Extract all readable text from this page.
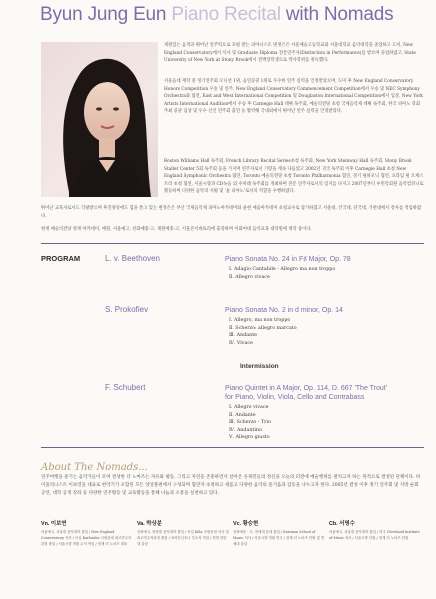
Byun Jung Eun Piano Recital with Nomads
계원있는 음색과 뛰어난 연주력으로 호평 받는 피아니스트 변정은은 서울예술고등학교와 서울대학교 음악대학을 졸업하고 도미, New England Conservatory에서 석사 및 Graduate Diploma 전문연주자(Distinction in Performance)를 받으며 졸업하였고, State University of New York at Stony Brook에서 전액장학생으로 박사학위를 취득했다.
서울음대 재학 중 정기연주회 오디션 1위, 음연콩쿨 1위로 우수한 연주 실력을 인정받았으며, 도미 후 New England Conservatory Honors Competition 우승 및 연주, New England Conservatory Commencement Competition에서 우승 및 NEC Symphony Orchestra와 협연, East and West International Competition 및 Douglaston International Competition에서 입상, New York Artists International Audition에서 우승 후 Carnegie Hall 데뷔 독주회, 예술의전당 초청 국제음악제 데뷔 독주회, 한국 피아노 학회 주최 콩쿨 입상 및 우수 신인 연주회 출연 등 활약해 국내외에서 뛰어난 연주 실력을 인정받았다.
Boston Williams Hall 독주회, French Library Recital Series초청 독주회, New York Steinway Hall 독주회, Stony Brook Staller Center 5회 독주회 등을 가지며 연주자로서 기량을 계속 다듬었고 2002년 귀국 독주회 이후 Carnegie Hall 초청 New England Symphonic Orchestra 협연, Toronto 예술의전당 초청 Toronto Philharmonia 협연, 경기 필하모닉 협연, 프라임 필 오케스트라 초청 협연, 서울시향과 CD녹음 외 수차례 독주회를 개최하며 전문 연주자로서의 입지를 다지고 2007년부터 루빈악회원 음악컴퍼니로 활동하며 다양한 음악의 지평 및 '윤 피아노'로서의 역할을 수행하였다.
뛰어난 교육자로서도 각광받으며 후진양성에도 힘을 쏟고 있는 변정은은 부산 국제음악제 피아노아카데미와 윤현 예음아카데미 초청교수로 참가하였고 서울대, 건국대, 단국대, 가천대에서 강사를 역임하였다.
현재 예술의전당 영재 아카데미, 예원, 서울예고, 선화예중·고, 계원예중·고, 서울콘서바토리에 출강하며 이화여대 음악교육 대학원에 재학 중이다.
PROGRAM	L. v. Beethoven	Piano Sonata No. 24 in F♯ Major, Op. 78
Ⅰ. Adagio Cantabile - Allegro ma non troppo
Ⅱ. Allegro vivace
S. Prokofiev	Piano Sonata No. 2 in d minor, Op. 14
Ⅰ. Allegro, ma non troppo
Ⅱ. Scherzo: allegro marcato
Ⅲ. Andante
Ⅳ. Vivace
Intermission
F. Schubert	Piano Quintet in A Major, Op. 114, D. 667 'The Trout'
for Piano, Violin, Viola, Cello and Contrabass
Ⅰ. Allegro vivace
Ⅱ. Andante
Ⅲ. Scherzo - Trio
Ⅳ. Andantino
Ⅴ. Allegro giusto
About The Nomads...
연주여행을 즐기는 음악가들이 모여 결성한 더 노마즈는 자유와 평등, 그리고 자연을 존중하면서 살아온 유목민들의 정신을 오늘의 터전에 예술행위를 펼치고자 하는 목적으로 결성된 단체이다. 바이올리니스트 이보연을 대표로 현악기가 포함된 모든 앙상블편에서 구성되며 협연자 초청하고 새롭고 다양한 음악의 즐거움과 감동을 나누고자 한다. 2005년 결성 이후 정기 연주회 및 지방 순회 공연, 대학 공개 강좌 등 다양한 연주활동 및 교육활동을 통해 나눔과 소통을 실천하고 있다.
Vn. 이보연
서울예고, 서울대 음악대학 졸업 / New England Conservatory 석사 / 독일 Karlsruhe 국립음대 최고연주자과정 졸업 / 서울시향 객원 수석 역임 / 현재 더 노마즈 대표
Va. 박상분
선화예고, 한양대 음악대학 졸업 / 독일 Köln 국립음대 석사 및 최고연주자과정 졸업 / 코리안심포니 부수석 역임 / 현재 한양대 출강
Vc. 황승현
선화예중 · 고, 연세대 음대 졸업 / Eastman School of Music 석사 / 서울시향 객원 연주 / 현재 더 노마즈 단원 및 연세대 출강
Cb. 서명수
서울예고, 서울대 음악대학 졸업 / 미국 Cleveland Institute of Music 석사 / 서울시향 단원 / 현재 더 노마즈 단원
